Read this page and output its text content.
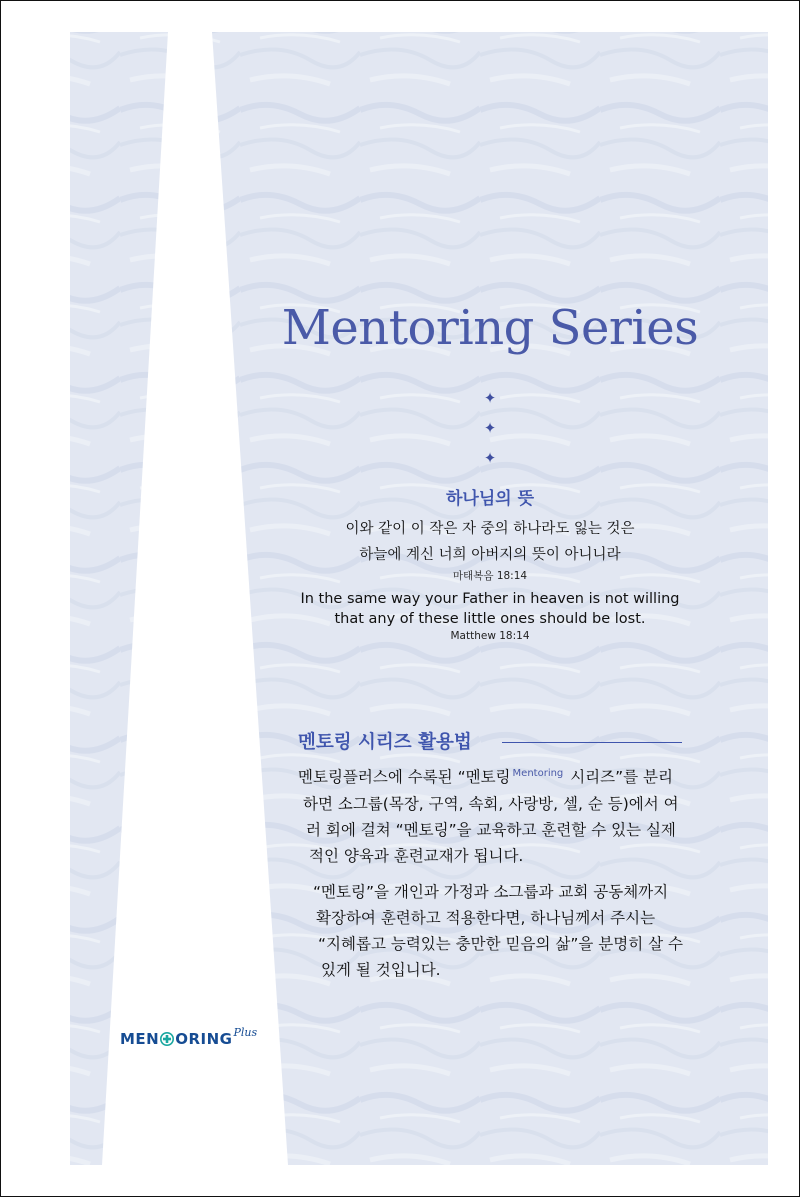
Mentoring Series
✦
✦
✦
하나님의 뜻
이와 같이 이 작은 자 중의 하나라도 잃는 것은
하늘에 계신 너희 아버지의 뜻이 아니니라
마태복음 18:14
In the same way your Father in heaven is not willing
that any of these little ones should be lost.
Matthew 18:14
멘토링 시리즈 활용법
멘토링플러스에 수록된 “멘토링 $^{Mentoring}$ 시리즈”를 분리
하면 소그룹(목장, 구역, 속회, 사랑방, 셀, 순 등)에서 여
러 회에 걸쳐 “멘토링”을 교육하고 훈련할 수 있는 실제
적인 양육과 훈련교재가 됩니다.
“멘토링”을 개인과 가정과 소그룹과 교회 공동체까지
확장하여 훈련하고 적용한다면, 하나님께서 주시는
“지혜롭고 능력있는 충만한 믿음의 삶”을 분명히 살 수
있게 될 것입니다.
MEN $ORING^{Plus}$
